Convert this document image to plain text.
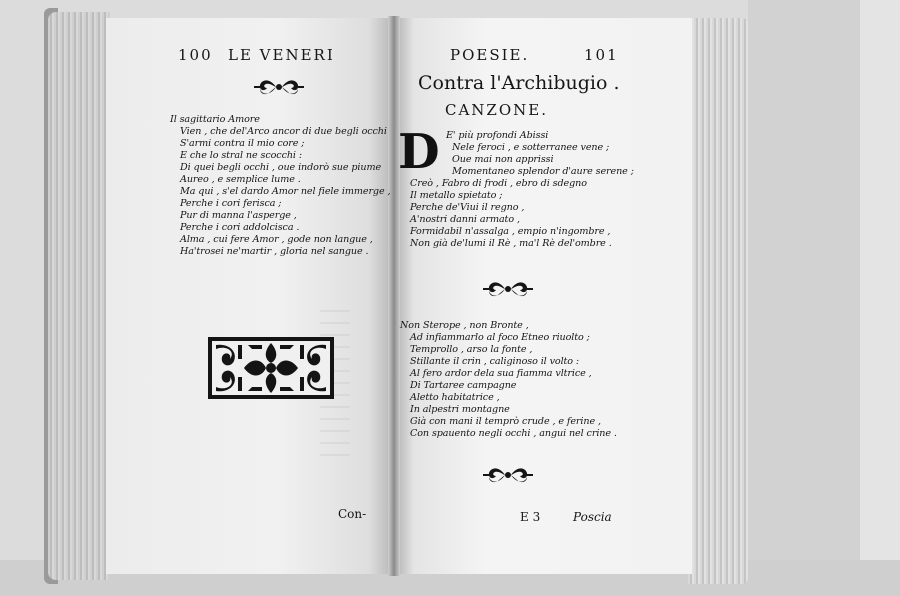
100 LE VENERI
Il sagittario Amore
Vien , che del'Arco ancor di due begli occhi
S'armi contra il mio core ;
E che lo stral ne scocchi :
Di quei begli occhi , oue indorò sue piume
Aureo , e semplice lume .
Ma qui , s'el dardo Amor nel fiele immerge ,
Perche i cori ferisca ;
Pur di manna l'asperge ,
Perche i cori addolcisca .
Alma , cui fere Amor , gode non langue ,
Ha'trosei ne'martir , gloria nel sangue .
Con-
POESIE.	101
Contra l'Archibugio .
CANZONE.
D E' più profondi Abissi
Nele feroci , e sotterranee vene ;
Oue mai non apprissi
Momentaneo splendor d'aure serene ;
Creò , Fabro di frodi , ebro di sdegno
Il metallo spietato ;
Perche de'Viui il regno ,
A'nostri danni armato ,
Formidabil n'assalga , empio n'ingombre ,
Non già de'lumi il Rè , ma'l Rè del'ombre .
Non Sterope , non Bronte ,
Ad infiammarlo al foco Etneo riuolto ;
Temprollo , arso la fonte ,
Stillante il crin , caliginoso il volto :
Al fero ardor dela sua fiamma vltrice ,
Di Tartaree campagne
Aletto habitatrice ,
In alpestri montagne
Già con mani il temprò crude , e ferine ,
Con spauento negli occhi , angui nel crine .
E 3	Poscia
